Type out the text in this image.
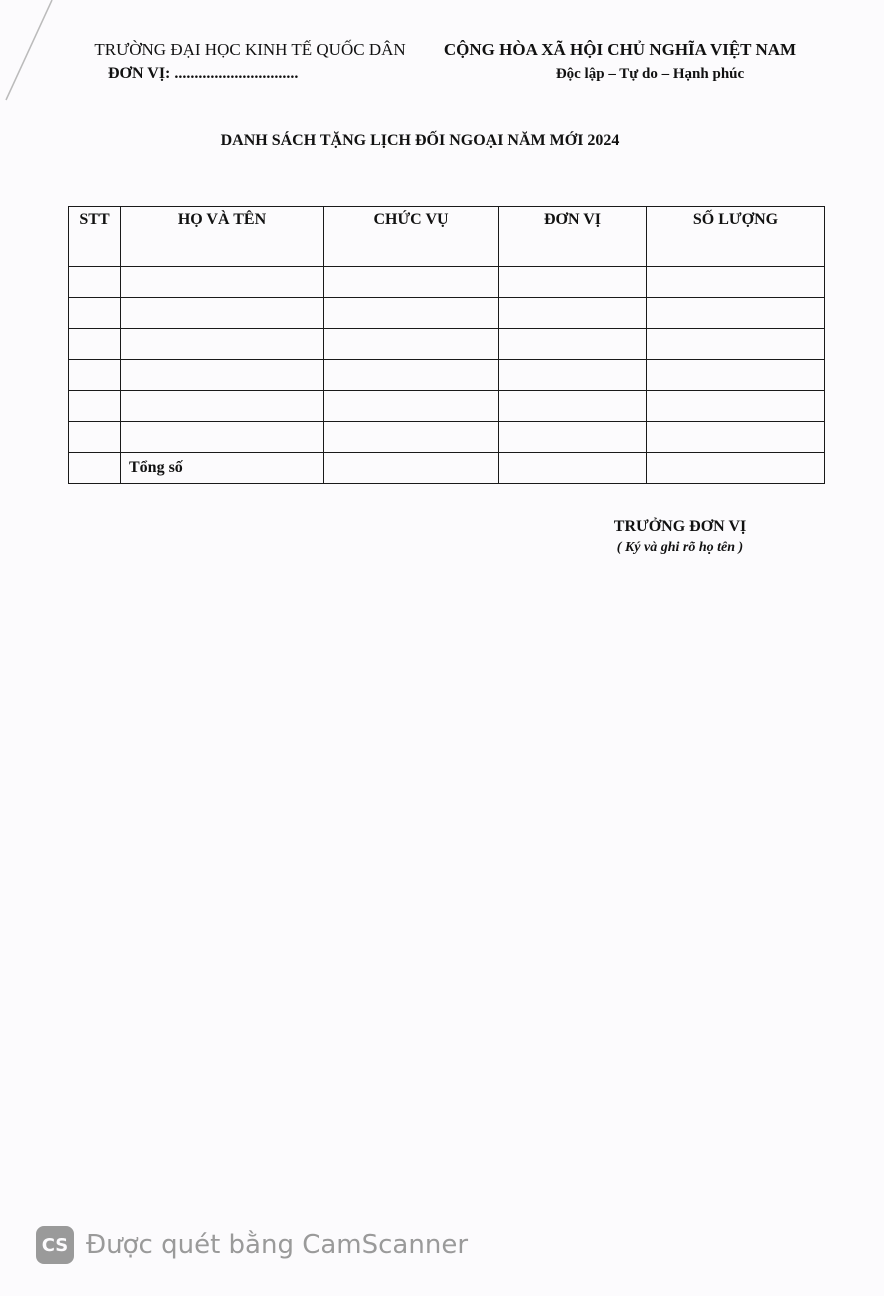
TRƯỜNG ĐẠI HỌC KINH TẾ QUỐC DÂN
ĐƠN VỊ: ...............................
CỘNG HÒA XÃ HỘI CHỦ NGHĨA VIỆT NAM
Độc lập – Tự do – Hạnh phúc
DANH SÁCH TẶNG LỊCH ĐỐI NGOẠI NĂM MỚI 2024
STT	HỌ VÀ TÊN	CHỨC VỤ	ĐƠN VỊ	SỐ LƯỢNG

	Tổng số			
TRƯỞNG ĐƠN VỊ
( Ký và ghi rõ họ tên )
CS Được quét bằng CamScanner
